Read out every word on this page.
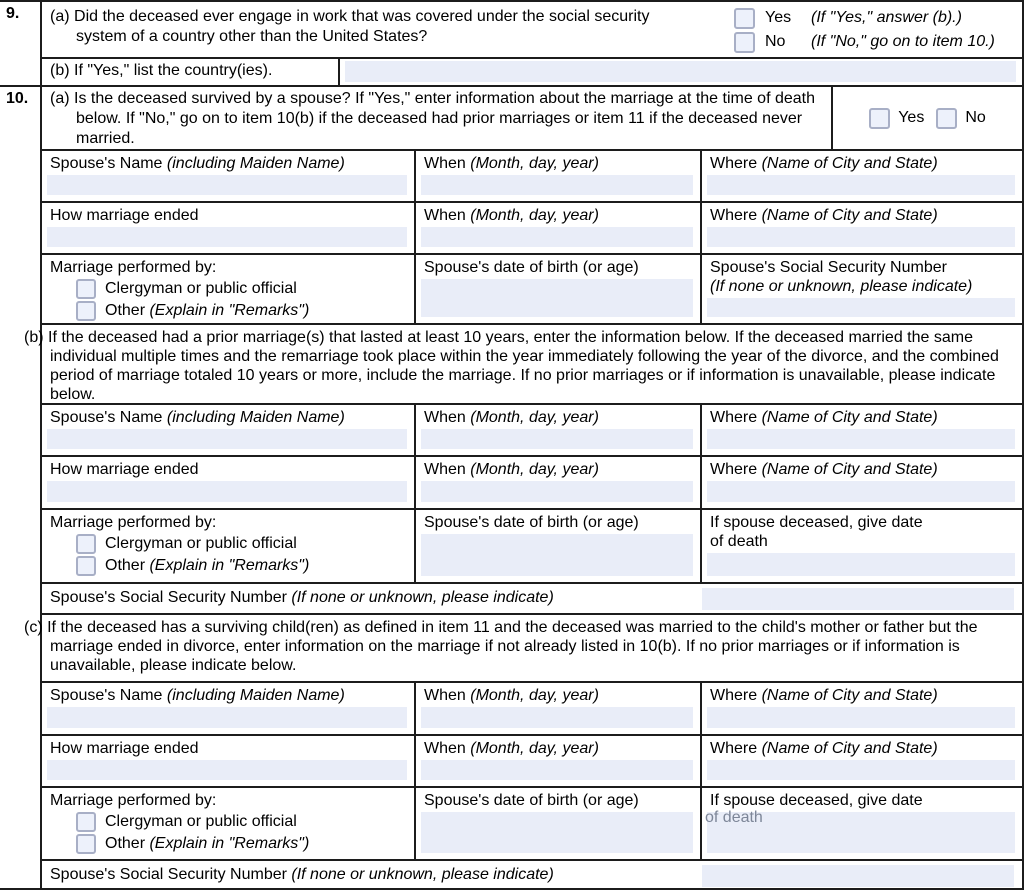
9.	(a) Did the deceased ever engage in work that was covered under the social security system of a country other than the United States?

Yes	(If "Yes," answer (b).)
No	(If "No," go on to item 10.)
(b) If "Yes," list the country(ies).
10.	(a) Is the deceased survived by a spouse? If "Yes," enter information about the marriage at the time of death below. If "No," go on to item 10(b) if the deceased had prior marriages or item 11 if the deceased never married.

Yes	No
Spouse's Name (including Maiden Name)	When (Month, day, year)	Where (Name of City and State)
How marriage ended	When (Month, day, year)	Where (Name of City and State)
Marriage performed by:
Clergyman or public official
Other (Explain in "Remarks")
Spouse's date of birth (or age)	Spouse's Social Security Number
(If none or unknown, please indicate)

(b) If the deceased had a prior marriage(s) that lasted at least 10 years, enter the information below. If the deceased married the same individual multiple times and the remarriage took place within the year immediately following the year of the divorce, and the combined period of marriage totaled 10 years or more, include the marriage. If no prior marriages or if information is unavailable, please indicate below.

Spouse's Name (including Maiden Name)	When (Month, day, year)	Where (Name of City and State)
How marriage ended	When (Month, day, year)	Where (Name of City and State)
Marriage performed by:
Clergyman or public official
Other (Explain in "Remarks")
Spouse's date of birth (or age)	If spouse deceased, give date
of death
Spouse's Social Security Number (If none or unknown, please indicate)

(c) If the deceased has a surviving child(ren) as defined in item 11 and the deceased was married to the child's mother or father but the marriage ended in divorce, enter information on the marriage if not already listed in 10(b). If no prior marriages or if information is unavailable, please indicate below.

Spouse's Name (including Maiden Name)	When (Month, day, year)	Where (Name of City and State)
How marriage ended	When (Month, day, year)	Where (Name of City and State)
Marriage performed by:
Clergyman or public official
Other (Explain in "Remarks")
Spouse's date of birth (or age)	If spouse deceased, give date
of death
Spouse's Social Security Number (If none or unknown, please indicate)
